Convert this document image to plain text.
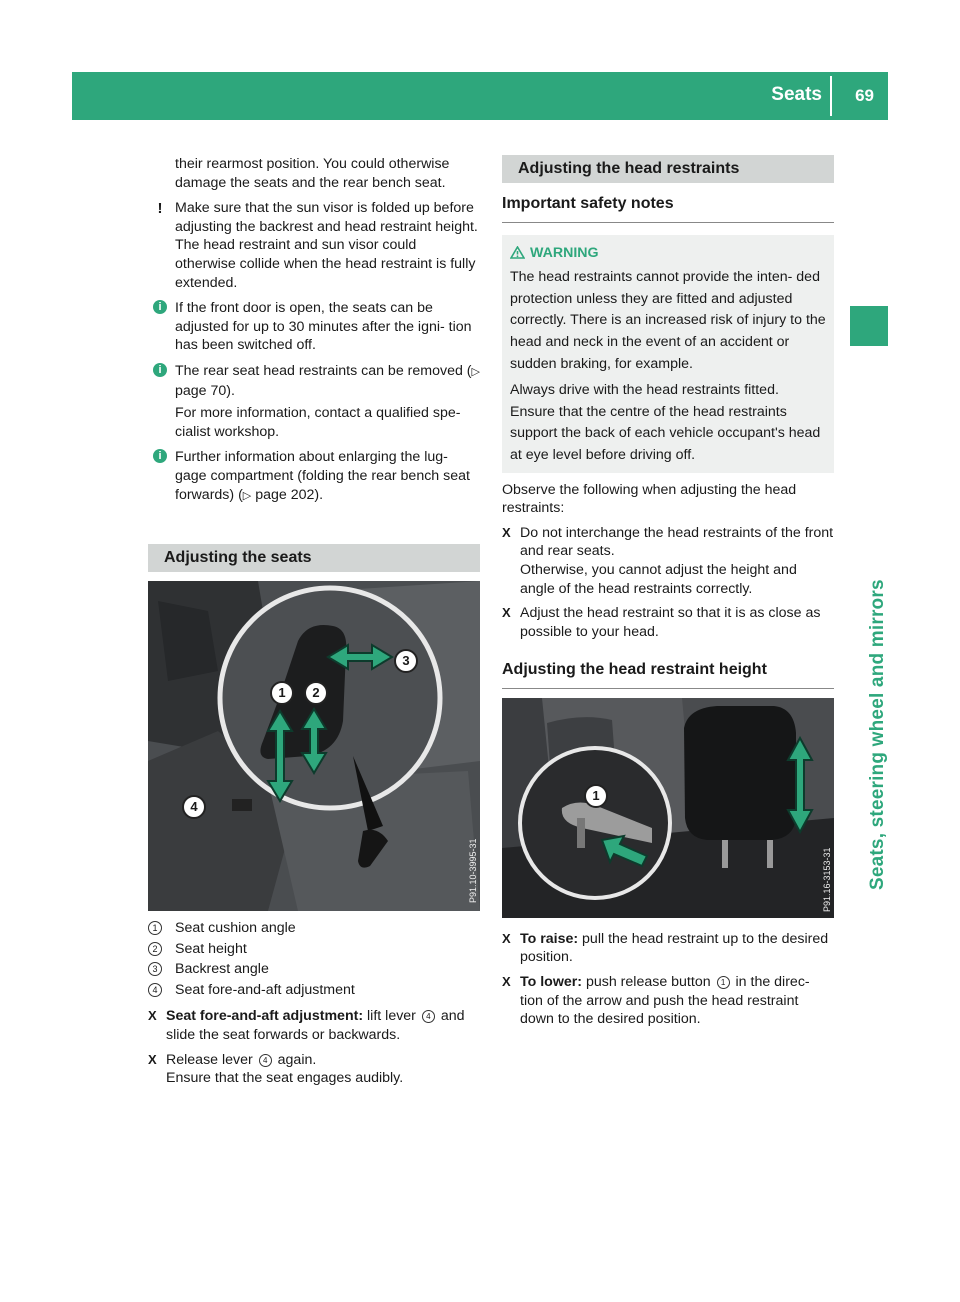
Seats 69
Seats, steering wheel and mirrors

their rearmost position. You could otherwise damage the seats and the rear bench seat.

! Make sure that the sun visor is folded up before adjusting the backrest and head restraint height. The head restraint and sun visor could otherwise collide when the head restraint is fully extended.
i If the front door is open, the seats can be adjusted for up to 30 minutes after the igni- tion has been switched off.
i The rear seat head restraints can be removed (▷ page 70).

For more information, contact a qualified spe- cialist workshop.

i Further information about enlarging the lug- gage compartment (folding the rear bench seat forwards) (▷ page 202).
Adjusting the seats
1	2
3
4
P91.10-3995-31
1	Seat cushion angle
2	Seat height
3	Backrest angle
4	Seat fore-and-aft adjustment
X Seat fore-and-aft adjustment: lift lever 4 and slide the seat forwards or backwards.
X Release lever 4 again.

Ensure that the seat engages audibly.

Adjusting the head restraints
Important safety notes
WARNING

The head restraints cannot provide the inten- ded protection unless they are fitted and adjusted correctly. There is an increased risk of injury to the head and neck in the event of an accident or sudden braking, for example.

Always drive with the head restraints fitted. Ensure that the centre of the head restraints support the back of each vehicle occupant's head at eye level before driving off.

Observe the following when adjusting the head restraints:

X Do not interchange the head restraints of the front and rear seats.

Otherwise, you cannot adjust the height and angle of the head restraints correctly.

X Adjust the head restraint so that it is as close as possible to your head.
Adjusting the head restraint height
1
P91.16-3153-31
X To raise: pull the head restraint up to the desired position.
X To lower: push release button 1 in the direc- tion of the arrow and push the head restraint down to the desired position.
